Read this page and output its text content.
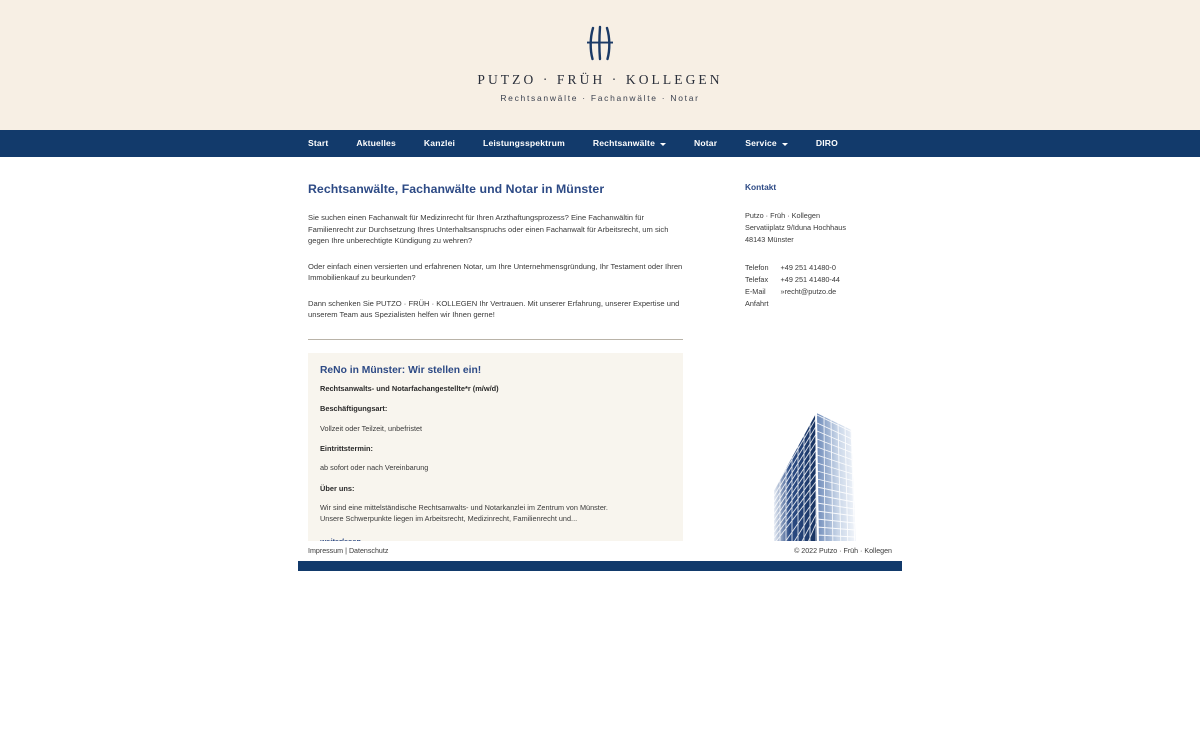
PUTZO · FRÜH · KOLLEGEN

Rechtsanwälte · Fachanwälte · Notar

Start	Aktuelles	Kanzlei	Leistungsspektrum	Rechtsanwälte	Notar	Service	DIRO
Rechtsanwälte, Fachanwälte und Notar in Münster

Sie suchen einen Fachanwalt für Medizinrecht für Ihren Arzthaftungsprozess? Eine Fachanwältin für Familienrecht zur Durchsetzung Ihres Unterhaltsanspruchs oder einen Fachanwalt für Arbeitsrecht, um sich gegen Ihre unberechtigte Kündigung zu wehren?

Oder einfach einen versierten und erfahrenen Notar, um Ihre Unternehmensgründung, Ihr Testament oder Ihren Immobilienkauf zu beurkunden?

Dann schenken Sie PUTZO · FRÜH · KOLLEGEN Ihr Vertrauen. Mit unserer Erfahrung, unserer Expertise und unserem Team aus Spezialisten helfen wir Ihnen gerne!

ReNo in Münster: Wir stellen ein!

Rechtsanwalts- und Notarfachangestellte*r (m/w/d)

Beschäftigungsart:

Vollzeit oder Teilzeit, unbefristet

Eintrittstermin:

ab sofort oder nach Vereinbarung

Über uns:

Wir sind eine mittelständische Rechtsanwalts- und Notarkanzlei im Zentrum von Münster.

Unsere Schwerpunkte liegen im Arbeitsrecht, Medizinrecht, Familienrecht und...

Kontakt
Putzo · Früh · Kollegen
Servatiiplatz 9/Iduna Hochhaus
48143 Münster
Telefon	+49 251 41480-0
Telefax	+49 251 41480-44
E-Mail	»recht@putzo.de
Anfahrt	
Impressum | Datenschutz	© 2022 Putzo · Früh · Kollegen
